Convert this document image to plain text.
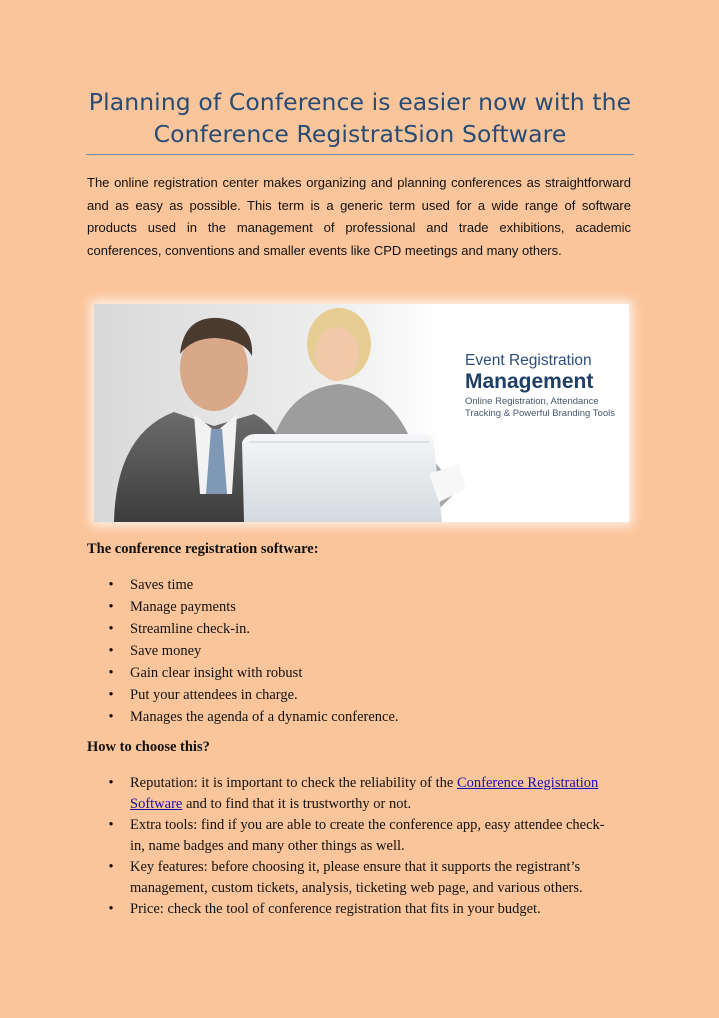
Planning of Conference is easier now with the
Conference RegistratSion Software

The online registration center makes organizing and planning conferences as straightforward and as easy as possible. This term is a generic term used for a wide range of software products used in the management of professional and trade exhibitions, academic conferences, conventions and smaller events like CPD meetings and many others.

Event Registration
Management
Online Registration, Attendance Tracking & Powerful Branding Tools
The conference registration software:
•	Saves time
•	Manage payments
•	Streamline check-in.
•	Save money
•	Gain clear insight with robust
•	Put your attendees in charge.
•	Manages the agenda of a dynamic conference.
How to choose this?
•	Reputation: it is important to check the reliability of the Conference Registration Software and to find that it is trustworthy or not.
•	Extra tools: find if you are able to create the conference app, easy attendee check-in, name badges and many other things as well.
•	Key features: before choosing it, please ensure that it supports the registrant’s management, custom tickets, analysis, ticketing web page, and various others.
•	Price: check the tool of conference registration that fits in your budget.
